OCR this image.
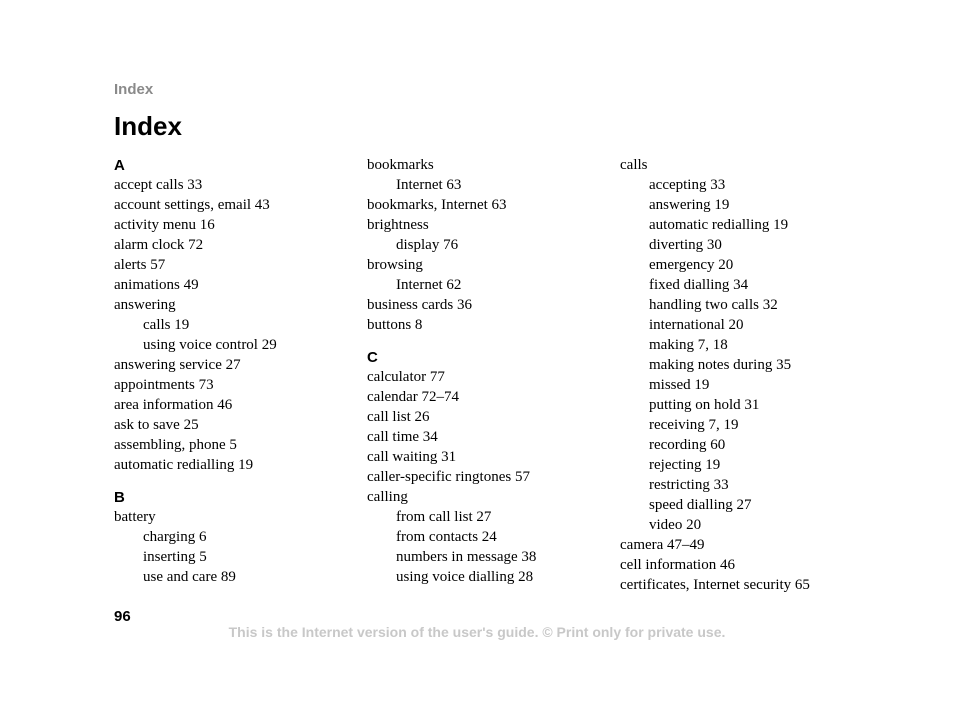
Index
Index
A
accept calls 33
account settings, email 43
activity menu 16
alarm clock 72
alerts 57
animations 49
answering
calls 19
using voice control 29
answering service 27
appointments 73
area information 46
ask to save 25
assembling, phone 5
automatic redialling 19
B
battery
charging 6
inserting 5
use and care 89
bookmarks
Internet 63
bookmarks, Internet 63
brightness
display 76
browsing
Internet 62
business cards 36
buttons 8
C
calculator 77
calendar 72–74
call list 26
call time 34
call waiting 31
caller-specific ringtones 57
calling
from call list 27
from contacts 24
numbers in message 38
using voice dialling 28
calls
accepting 33
answering 19
automatic redialling 19
diverting 30
emergency 20
fixed dialling 34
handling two calls 32
international 20
making 7, 18
making notes during 35
missed 19
putting on hold 31
receiving 7, 19
recording 60
rejecting 19
restricting 33
speed dialling 27
video 20
camera 47–49
cell information 46
certificates, Internet security 65
96
This is the Internet version of the user's guide. © Print only for private use.
